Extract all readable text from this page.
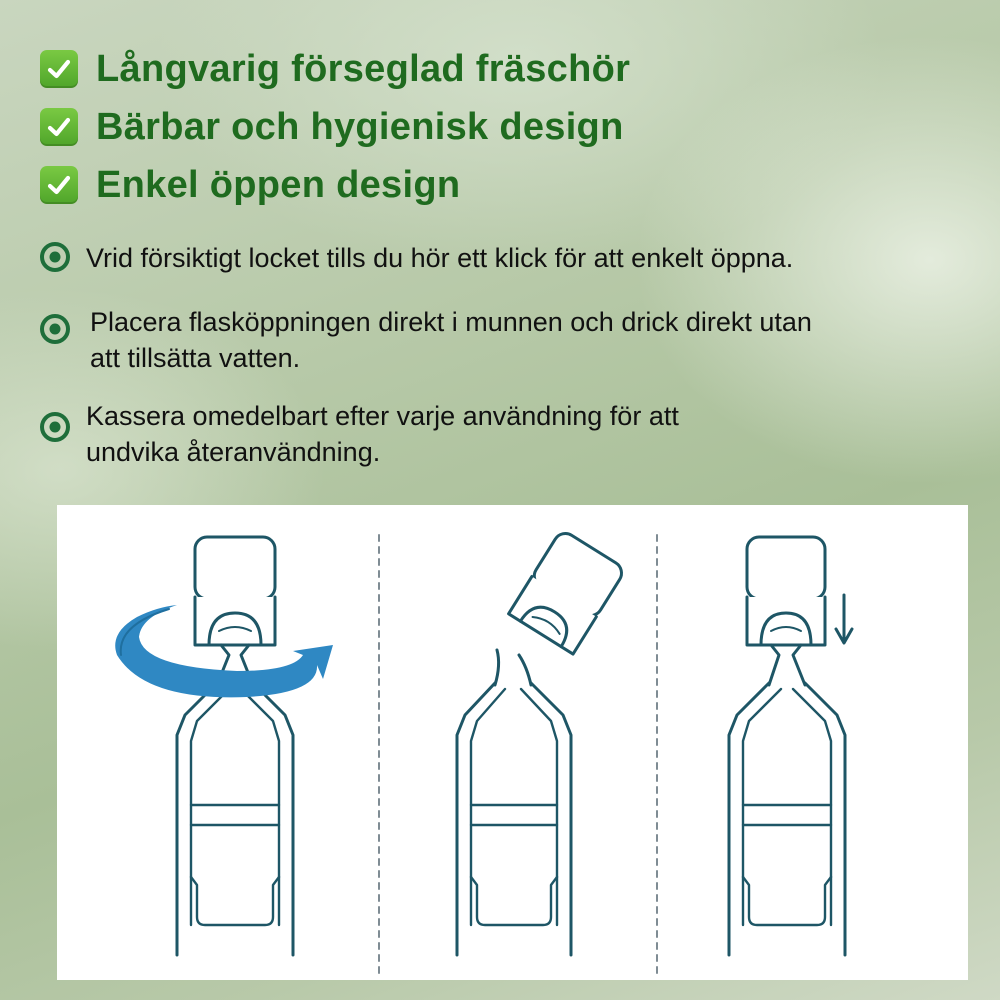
Långvarig förseglad fräschör
Bärbar och hygienisk design
Enkel öppen design
Vrid försiktigt locket tills du hör ett klick för att enkelt öppna.
Placera flasköppningen direkt i munnen och drick direkt utan
att tillsätta vatten.
Kassera omedelbart efter varje användning för att
undvika återanvändning.
